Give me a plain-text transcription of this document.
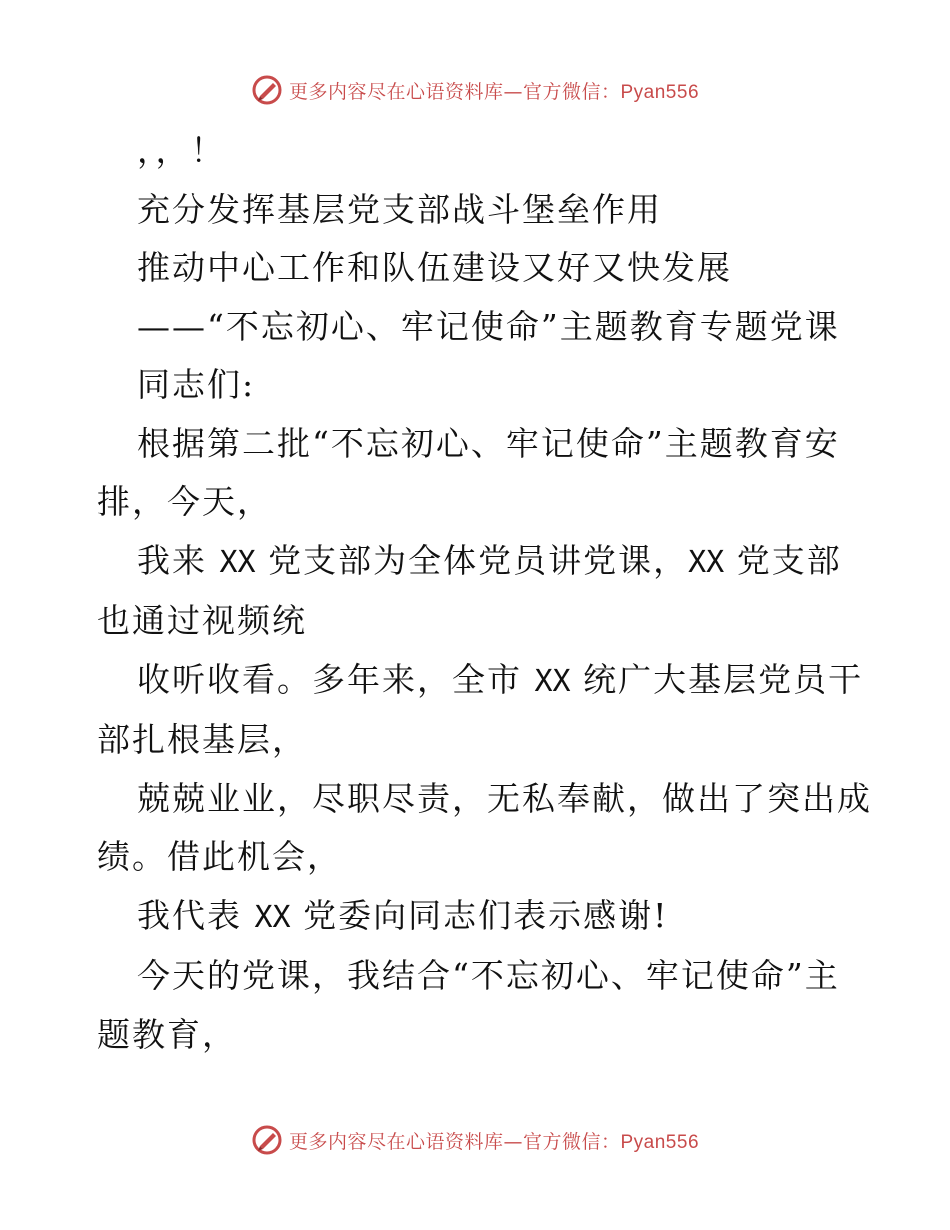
更多内容尽在心语资料库—官方微信：Pyan556

，，！

充分发挥基层党支部战斗堡垒作用

推动中心工作和队伍建设又好又快发展

——“不忘初心、牢记使命”主题教育专题党课

同志们:

根据第二批“不忘初心、牢记使命”主题教育安

排，今天，

我来 XX 党支部为全体党员讲党课，XX 党支部

也通过视频统

收听收看。多年来，全市 XX 统广大基层党员干

部扎根基层，

兢兢业业，尽职尽责，无私奉献，做出了突出成

绩。借此机会，

我代表 XX 党委向同志们表示感谢!

今天的党课，我结合“不忘初心、牢记使命”主

题教育，

更多内容尽在心语资料库—官方微信：Pyan556
